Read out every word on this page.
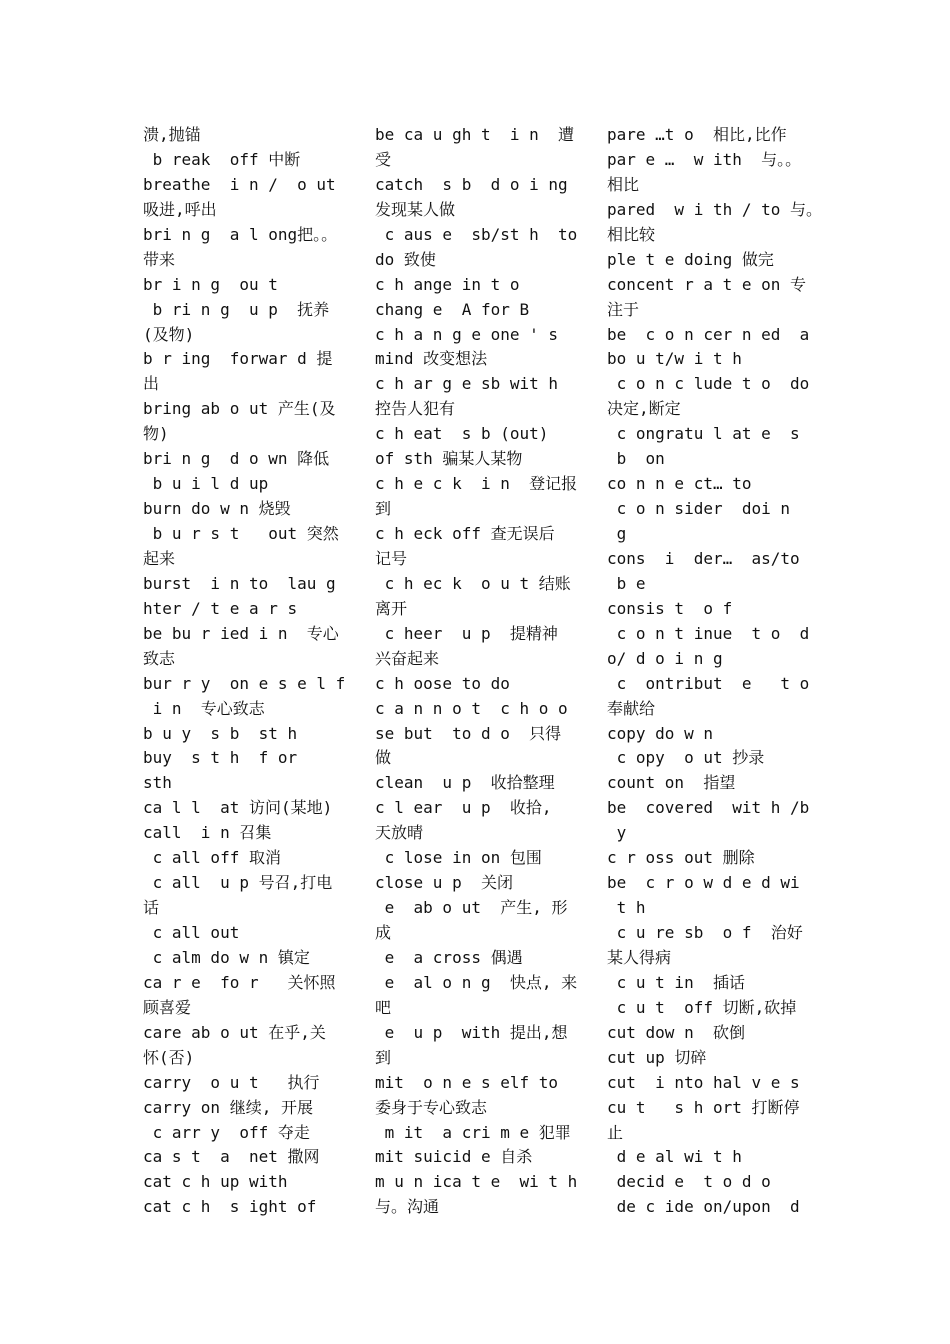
溃,抛锚
b reak  off 中断
breathe  i n /  o ut
吸进,呼出
bri n g  a l ong把。。
带来
br i n g  ou t
b ri n g  u p  抚养
(及物)
b r ing  forwar d 提
出
bring ab o ut 产生(及
物)
bri n g  d o wn 降低
b u i l d up
burn do w n 烧毁
b u r s t   out 突然
起来
burst  i n to  lau g
hter / t e a r s
be bu r ied i n  专心
致志
bur r y  on e s e l f
i n  专心致志
b u y  s b  st h
buy  s t h  f or
sth
ca l l  at 访问(某地)
call  i n 召集
c all off 取消
c all  u p 号召,打电
话
c all out
c alm do w n 镇定
ca r e  fo r   关怀照
顾喜爱
care ab o ut 在乎,关
怀(否)
carry  o u t   执行
carry on 继续, 开展
c arr y  off 夺走
ca s t  a  net 撒网
cat c h up with
cat c h  s ight of
be ca u gh t  i n  遭
受
catch  s b  d o i ng
发现某人做
c aus e  sb/st h  to
do 致使
c h ange in t o
chang e  A for B
c h a n g e one ' s
mind 改变想法
c h ar g e sb wit h
控告人犯有
c h eat  s b (out)
of sth 骗某人某物
c h e c k  i n  登记报
到
c h eck off 查无误后
记号
c h ec k  o u t 结账
离开
c heer  u p  提精神
兴奋起来
c h oose to do
c a n n o t  c h o o
se but  to d o  只得
做
clean  u p  收拾整理
c l ear  u p  收拾,
天放晴
c lose in on 包围
close u p  关闭
e  ab o ut  产生, 形
成
e  a cross 偶遇
e  al o n g  快点, 来
吧
e  u p  with 提出,想
到
mit  o n e s elf to
委身于专心致志
m it  a cri m e 犯罪
mit suicid e 自杀
m u n ica t e  wi t h
与。沟通
pare …t o  相比,比作
par e …  w ith  与。。
相比
pared  w i th / to 与。
相比较
ple t e doing 做完
concent r a t e on 专
注于
be  c o n cer n ed  a
bo u t/w i t h
c o n c lude t o  do
决定,断定
c ongratu l at e  s
b  on
co n n e ct… to
c o n sider  doi n
g
cons  i  der…  as/to
b e
consis t  o f
c o n t inue  t o  d
o/ d o i n g
c  ontribut  e   t o
奉献给
copy do w n
c opy  o ut 抄录
count on  指望
be  covered  wit h /b
y
c r oss out 删除
be  c r o w d e d wi
t h
c u re sb  o f  治好
某人得病
c u t in  插话
c u t  off 切断,砍掉
cut dow n  砍倒
cut up 切碎
cut  i nto hal v e s
cu t   s h ort 打断停
止
d e al wi t h
decid e  t o d o
de c ide on/upon  d
